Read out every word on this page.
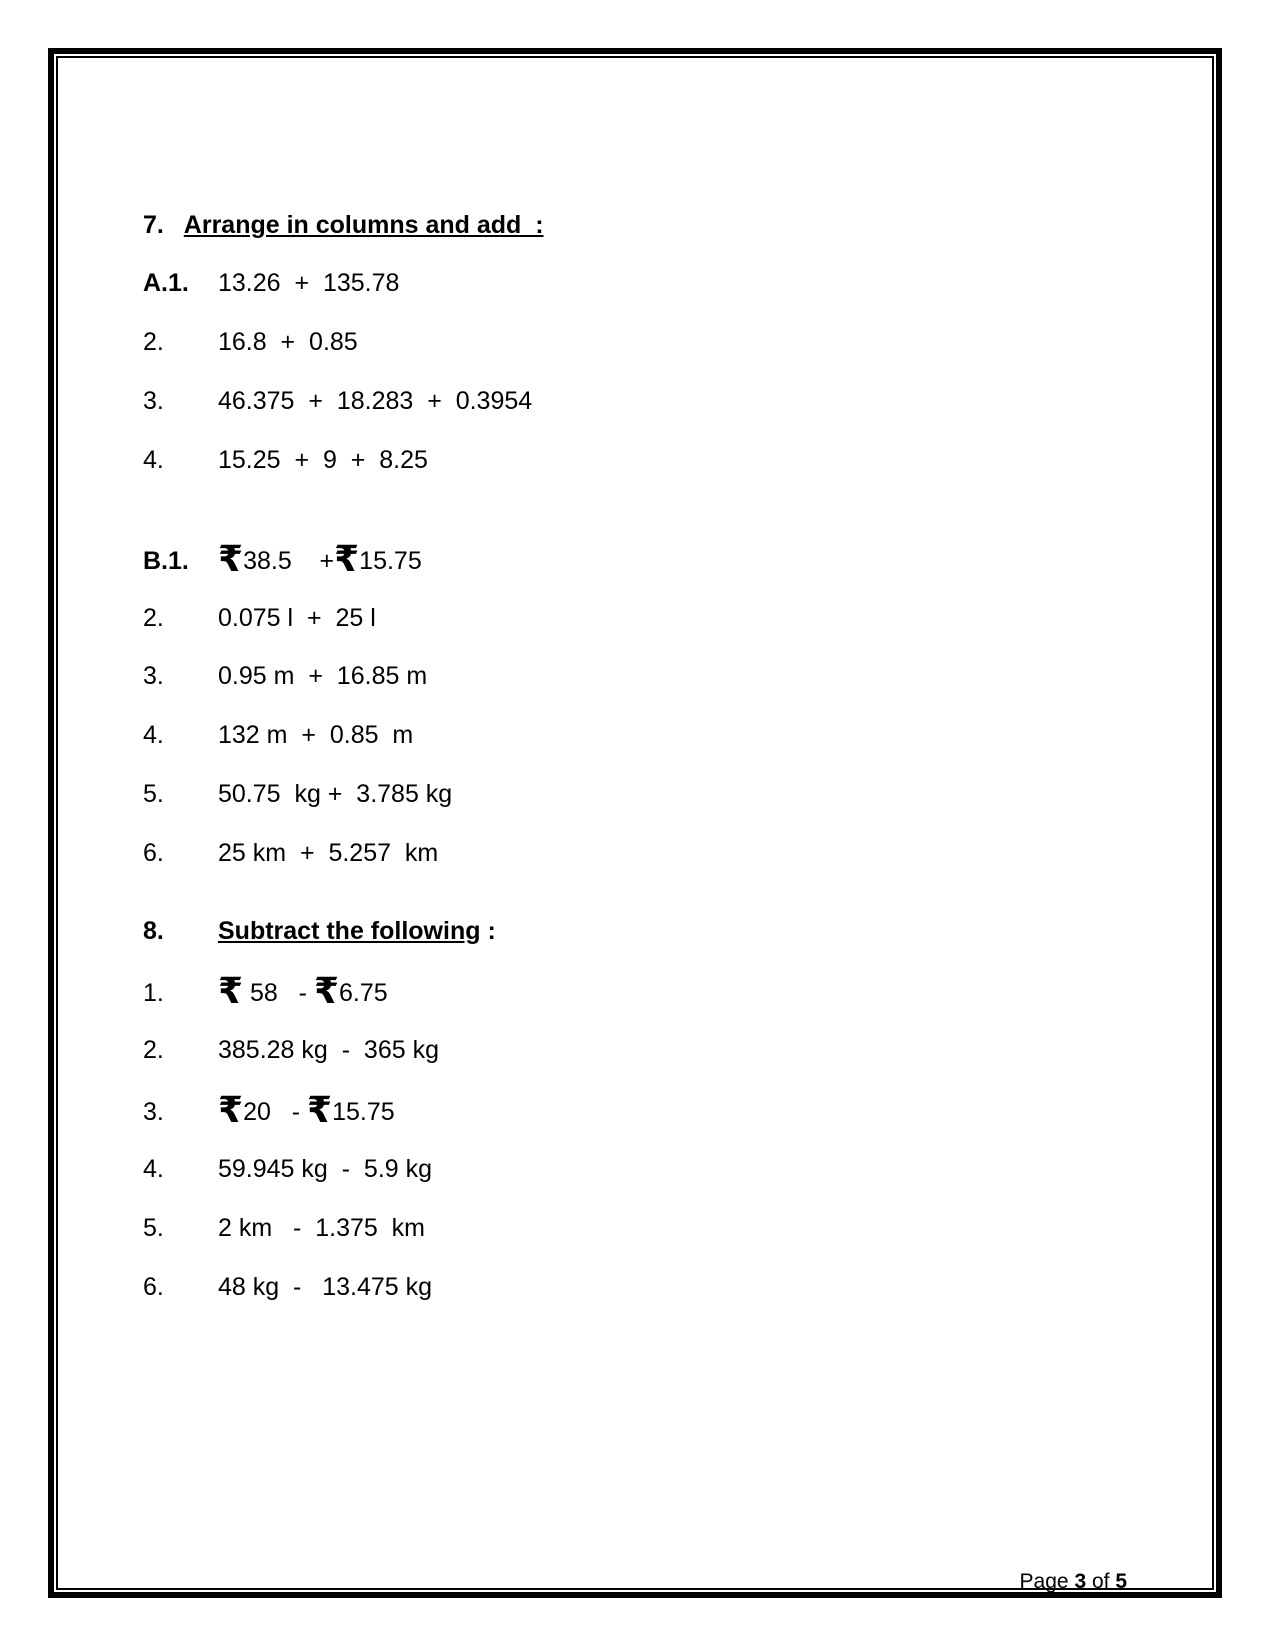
7. Arrange in columns and add  :
A.1. 13.26  +  135.78
2. 16.8  +  0.85
3. 46.375  +  18.283  +  0.3954
4. 15.25  +  9  +  8.25
B.1. ₹38.5    +₹15.75
2. 0.075 l  +  25 l
3. 0.95 m  +  16.85 m
4. 132 m  +  0.85  m
5. 50.75  kg +  3.785 kg
6. 25 km  +  5.257  km
8. Subtract the following :
1. ₹ 58   - ₹6.75
2. 385.28 kg  -  365 kg
3. ₹20   - ₹15.75
4. 59.945 kg  -  5.9 kg
5. 2 km   -  1.375  km
6. 48 kg  -   13.475 kg
Page 3 of 5
